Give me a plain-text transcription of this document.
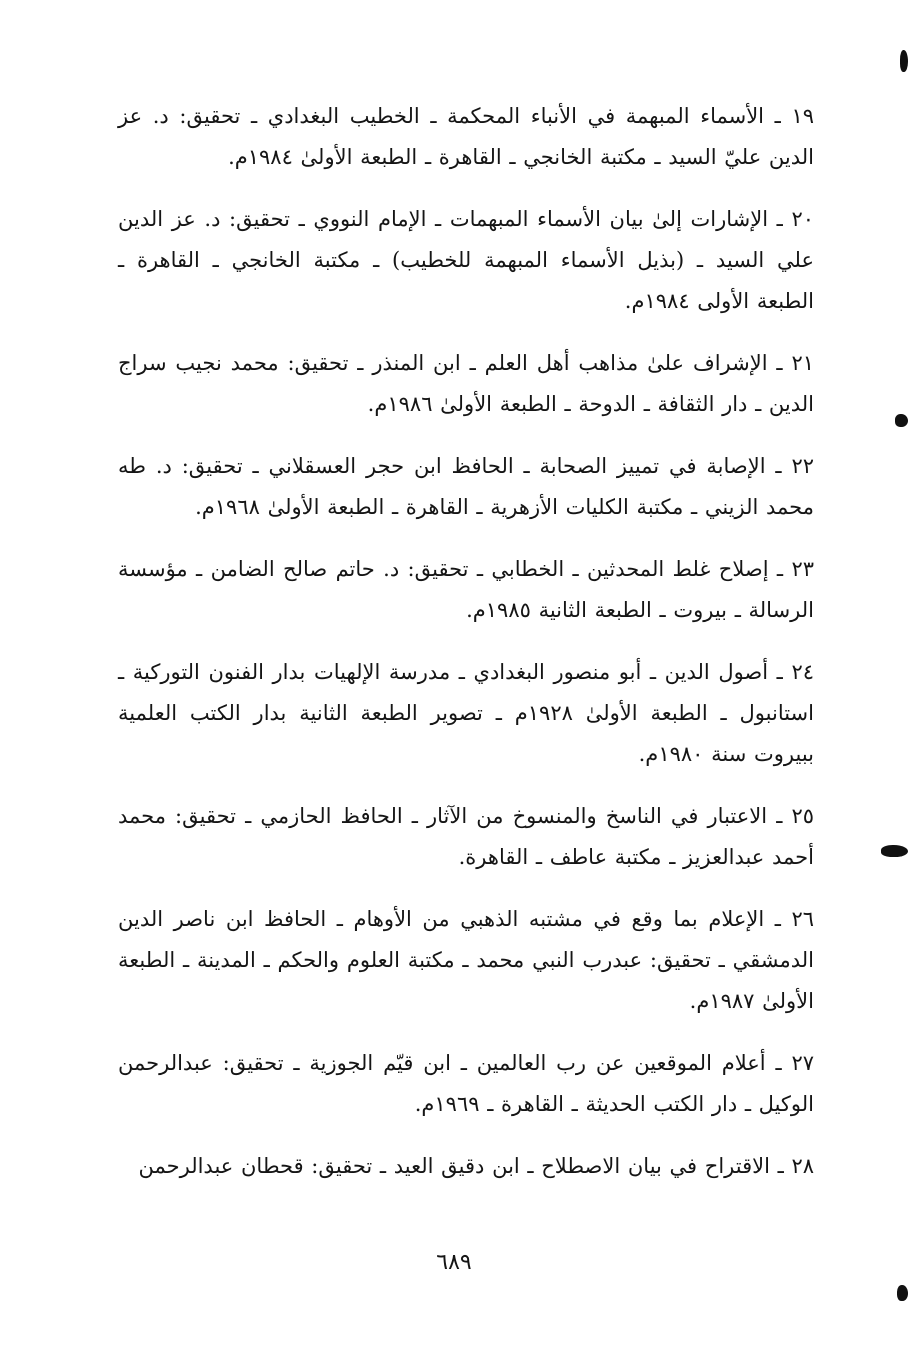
١٩ ـ الأسماء المبهمة في الأنباء المحكمة ـ الخطيب البغدادي ـ تحقيق: د. عز الدين عليّ السيد ـ مكتبة الخانجي ـ القاهرة ـ الطبعة الأولىٰ ١٩٨٤م.

٢٠ ـ الإشارات إلىٰ بيان الأسماء المبهمات ـ الإمام النووي ـ تحقيق: د. عز الدين علي السيد ـ (بذيل الأسماء المبهمة للخطيب) ـ مكتبة الخانجي ـ القاهرة ـ الطبعة الأولى ١٩٨٤م.

٢١ ـ الإشراف علىٰ مذاهب أهل العلم ـ ابن المنذر ـ تحقيق: محمد نجيب سراج الدين ـ دار الثقافة ـ الدوحة ـ الطبعة الأولىٰ ١٩٨٦م.

٢٢ ـ الإصابة في تمييز الصحابة ـ الحافظ ابن حجر العسقلاني ـ تحقيق: د. طه محمد الزيني ـ مكتبة الكليات الأزهرية ـ القاهرة ـ الطبعة الأولىٰ ١٩٦٨م.

٢٣ ـ إصلاح غلط المحدثين ـ الخطابي ـ تحقيق: د. حاتم صالح الضامن ـ مؤسسة الرسالة ـ بيروت ـ الطبعة الثانية ١٩٨٥م.

٢٤ ـ أصول الدين ـ أبو منصور البغدادي ـ مدرسة الإلهيات بدار الفنون التوركية ـ استانبول ـ الطبعة الأولىٰ ١٩٢٨م ـ تصوير الطبعة الثانية بدار الكتب العلمية ببيروت سنة ١٩٨٠م.

٢٥ ـ الاعتبار في الناسخ والمنسوخ من الآثار ـ الحافظ الحازمي ـ تحقيق: محمد أحمد عبدالعزيز ـ مكتبة عاطف ـ القاهرة.

٢٦ ـ الإعلام بما وقع في مشتبه الذهبي من الأوهام ـ الحافظ ابن ناصر الدين الدمشقي ـ تحقيق: عبدرب النبي محمد ـ مكتبة العلوم والحكم ـ المدينة ـ الطبعة الأولىٰ ١٩٨٧م.

٢٧ ـ أعلام الموقعين عن رب العالمين ـ ابن قيّم الجوزية ـ تحقيق: عبدالرحمن الوكيل ـ دار الكتب الحديثة ـ القاهرة ـ ١٩٦٩م.

٢٨ ـ الاقتراح في بيان الاصطلاح ـ ابن دقيق العيد ـ تحقيق: قحطان عبدالرحمن

٦٨٩
